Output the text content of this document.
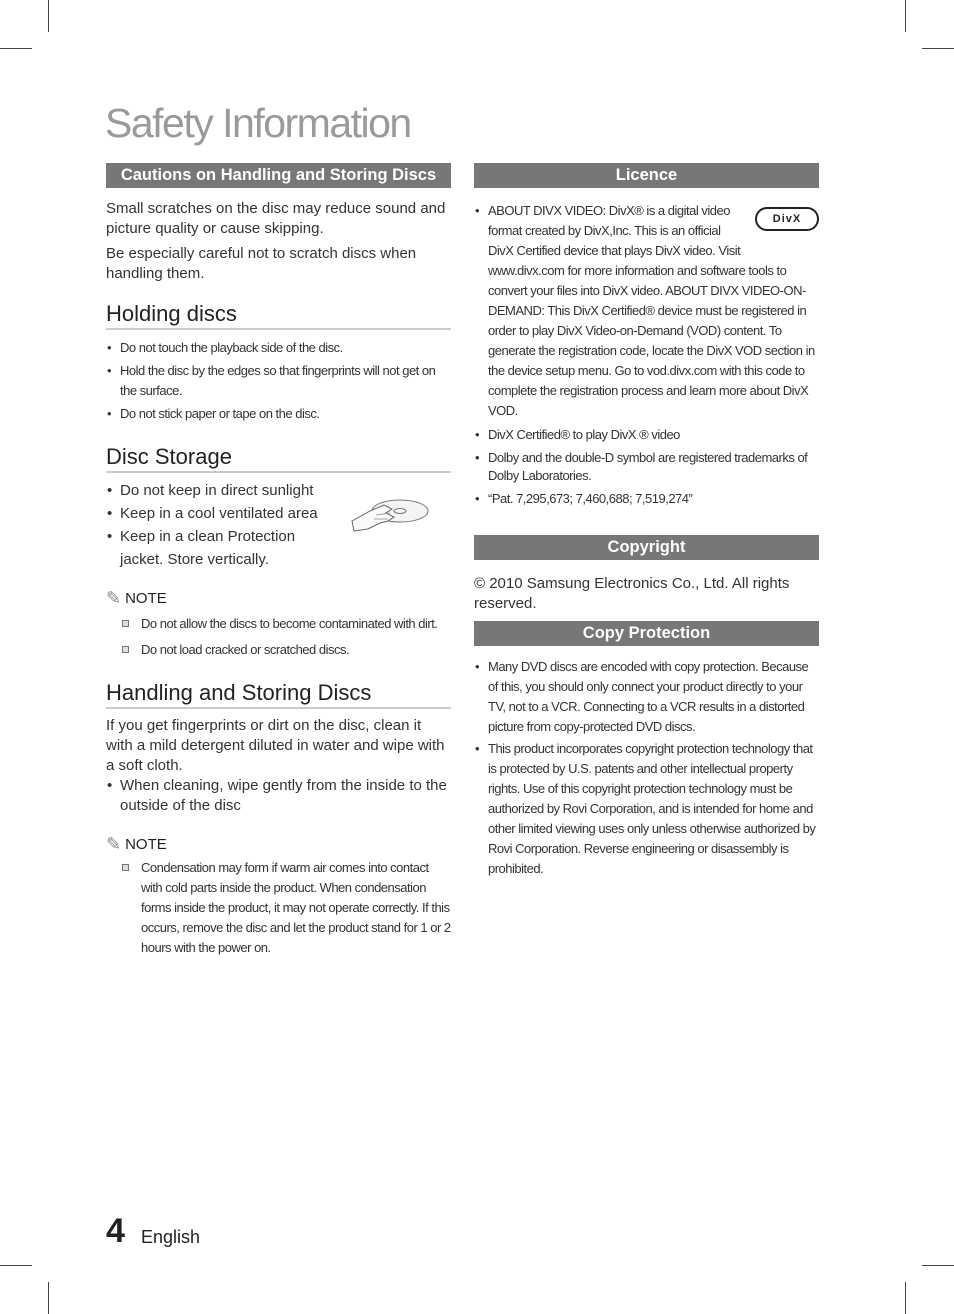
Safety Information
Cautions on Handling and Storing Discs

Small scratches on the disc may reduce sound and picture quality or cause skipping.

Be especially careful not to scratch discs when handling them.

Holding discs
• Do not touch the playback side of the disc.
• Hold the disc by the edges so that fingerprints will not get on the surface.
• Do not stick paper or tape on the disc.
Disc Storage
• Do not keep in direct sunlight
• Keep in a cool ventilated area
• Keep in a clean Protection jacket. Store vertically.
✎ NOTE
Do not allow the discs to become contaminated with dirt.
Do not load cracked or scratched discs.
Handling and Storing Discs

If you get fingerprints or dirt on the disc, clean it with a mild detergent diluted in water and wipe with a soft cloth.

• When cleaning, wipe gently from the inside to the outside of the disc
✎ NOTE
Condensation may form if warm air comes into contact with cold parts inside the product. When condensation forms inside the product, it may not operate correctly. If this occurs, remove the disc and let the product stand for 1 or 2 hours with the power on.
Licence
DivX
• ABOUT DIVX VIDEO: DivX® is a digital video format created by DivX,Inc. This is an official DivX Certified device that plays DivX video. Visit www.divx.com for more information and software tools to convert your files into DivX video. ABOUT DIVX VIDEO-ON-DEMAND: This DivX Certified® device must be registered in order to play DivX Video-on-Demand (VOD) content. To generate the registration code, locate the DivX VOD section in the device setup menu. Go to vod.divx.com with this code to complete the registration process and learn more about DivX VOD.
• DivX Certified® to play DivX ® video
• Dolby and the double-D symbol are registered trademarks of Dolby Laboratories.
• “Pat. 7,295,673; 7,460,688; 7,519,274”
Copyright

© 2010 Samsung Electronics Co., Ltd. All rights reserved.

Copy Protection
• Many DVD discs are encoded with copy protection. Because of this, you should only connect your product directly to your TV, not to a VCR. Connecting to a VCR results in a distorted picture from copy-protected DVD discs.
• This product incorporates copyright protection technology that is protected by U.S. patents and other intellectual property rights. Use of this copyright protection technology must be authorized by Rovi Corporation, and is intended for home and other limited viewing uses only unless otherwise authorized by Rovi Corporation. Reverse engineering or disassembly is prohibited.
4 English
